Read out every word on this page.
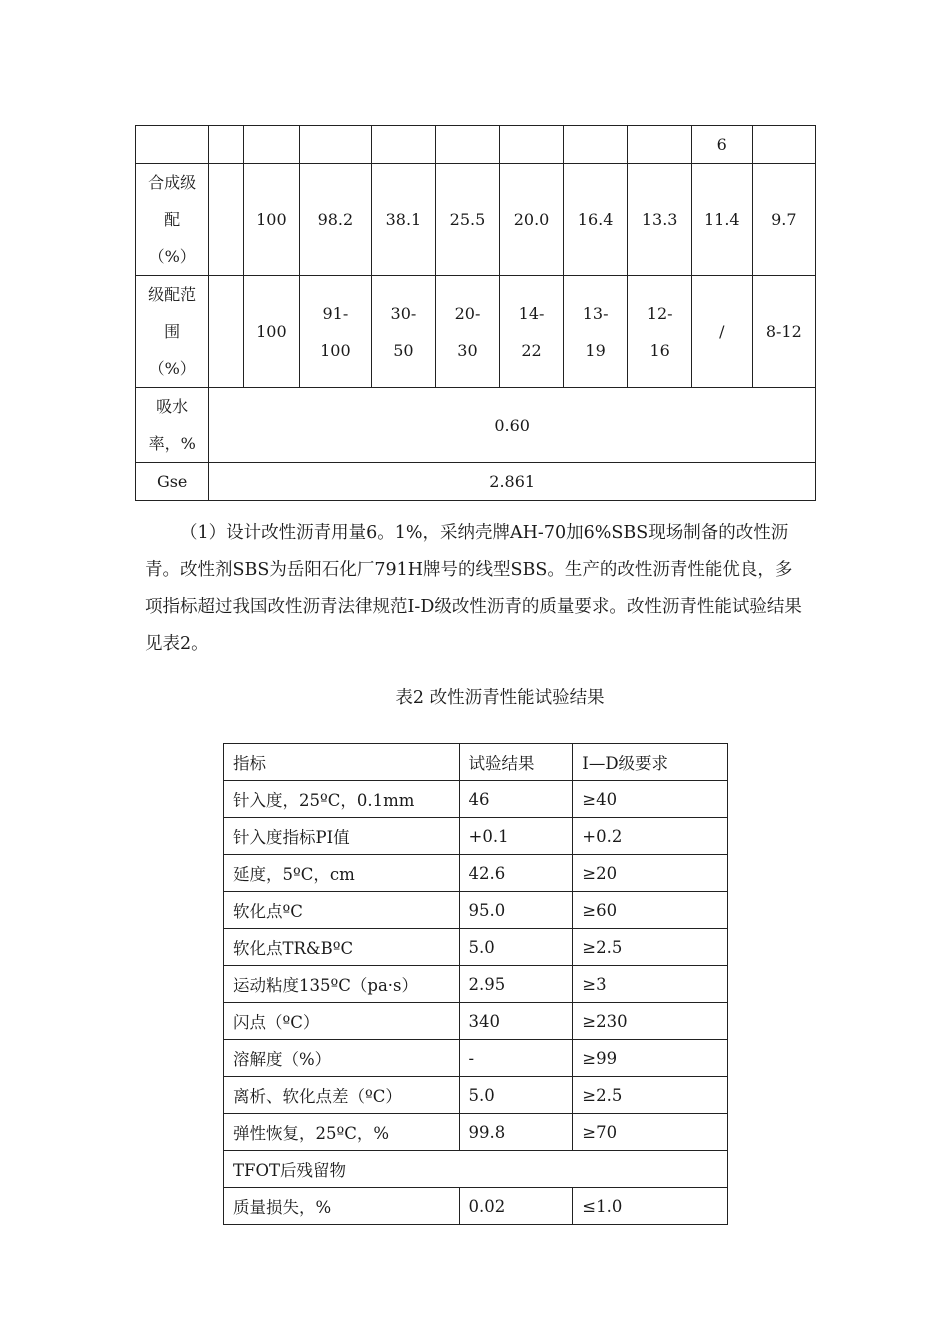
									6	
合成级配（%）		100	98.2	38.1	25.5	20.0	16.4	13.3	11.4	9.7
级配范围（%）		100	91-100	30-50	20-30	14-22	13-19	12-16	/	8-12
吸水率，%	0.60									
Gse	2.861									

（1）设计改性沥青用量6。1%，采纳壳牌AH-70加6%SBS现场制备的改性沥青。改性剂SBS为岳阳石化厂791H牌号的线型SBS。生产的改性沥青性能优良，多项指标超过我国改性沥青法律规范I-D级改性沥青的质量要求。改性沥青性能试验结果见表2。

表2 改性沥青性能试验结果
指标	试验结果	I—D级要求
针入度，25ºC，0.1mm	46	≥40
针入度指标PI值	+0.1	+0.2
延度，5ºC，cm	42.6	≥20
软化点ºC	95.0	≥60
软化点TR&BºC	5.0	≥2.5
运动粘度135ºC（pa·s）	2.95	≥3
闪点（ºC）	340	≥230
溶解度（%）	-	≥99
离析、软化点差（ºC）	5.0	≥2.5
弹性恢复，25ºC，%	99.8	≥70
TFOT后残留物		
质量损失，%	0.02	≤1.0
